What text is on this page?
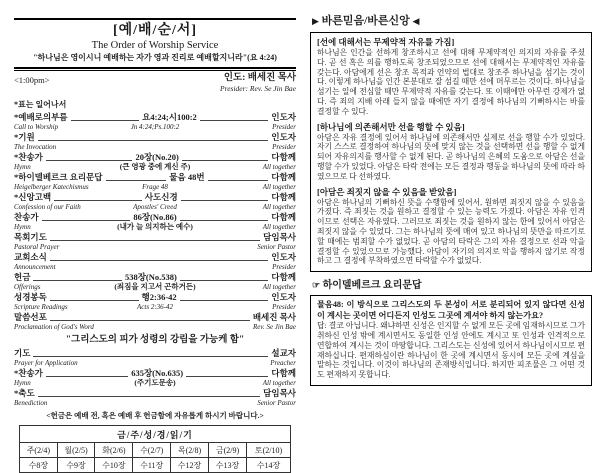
[예/배/순/서]
The Order of Worship Service
"하나님은 영이시니 예배하는 자가 영과 진리로 예배할지니라"(요 4:24)
<1:00pm>	인도: 배세진 목사
Presider: Rev. Se Jin Bae
*표는 일어나서
*예배로의부름	요4:24;시100:2	인도자
Call to Worship	Jn 4:24;Ps.100:2	Presider
*기원	인도자
The Invocation	Presider
*찬송가	20장(No.20)	다함께
Hymn	(큰 영광 중에 계신 주)	All together
*하이델베르크 요리문답	물음 48번	다함께
Heigelberger Katechismus	Frage 48	All together
*신앙고백	사도신경	다함께
Confession of our Faith	Apostles' Creed	All together
찬송가	86장(No.86)	다함께
Hymn	(내가 늘 의지하는 예수)	All together
목회기도	담임목사
Pastoral Prayer	Senior Pastor
교회소식	인도자
Announcement	Presider
헌금	538장(No.538)	다함께
Offerings	(죄짐을 지고서 곤하거든)	All together
성경봉독	행2:36-42	인도자
Scripture Readings	Acts 2:36-42	Presider
말씀선포	배세진 목사
Proclamation of God's Word	Rev. Se Jin Bae
"그리스도의 피가 성령의 강림을 가능케 함"
기도	설교자
Prayer for Application	Preacher
*찬송가	635장(No.635)	다함께
Hymn	(주기도문송)	All together
*축도	담임목사
Benediction	Senior Pastor
<헌금은 예배 전, 혹은 예배 후 헌금함에 자유롭게 하시기 바랍니다.>
금/주/성/경/읽/기						
주(2/4)	월(2/5)	화(2/6)	수(2/7)	목(2/8)	금(2/9)	토(2/10)
수8장	수9장	수10장	수11장	수12장	수13장	수14장
▶ 바른믿음/바른신앙 ◀
[선에 대해서는 무제약적 자유를 가짐]
하나님은 인간을 선하게 창조하시고 선에 대해 무제약적인 의지의 자유를 주셨다. 곧 선 혹은 의를 행하도록 창조되었으므로 선에 대해서는 무제약적인 자유를 갖는다. 아담에게 선은 창조 목적과 언약의 법대로 창조주 하나님을 섬기는 것이다. 이렇게 하나님을 인간 본분대로 잘 섬길 때만 선에 머무르는 것이다. 하나님을 섬기는 일에 전심할 때만 무제약적 자유를 갖는다. 또 이때에만 아무런 강제가 없다. 즉 죄의 지배 아래 들지 않을 때에만 자기 결정에 하나님의 기뻐하시는 바를 결정할 수 있다.
[하나님에 의존해서만 선을 행할 수 있음]
아담은 자유 결정에 있어서 하나님에 의존해서만 실제로 선을 행할 수가 있었다. 자기 스스로 결정하여 하나님의 뜻에 맞지 않는 것을 선택하면 선을 행할 수 없게 되어 자유의지를 행사할 수 없게 된다. 곧 하나님의 은혜의 도움으로 아담은 선을 행할 수가 있었다. 아담은 타락 전에는 모든 결정과 행동을 하나님의 뜻에 따라 하였으므로 다 선하였다.
[아담은 죄짓지 않을 수 있음을 받았음]
아담은 하나님의 기뻐하신 뜻을 수행함에 있어서, 원하면 죄짓지 않을 수 있음을 가졌다. 즉 죄짓는 것을 원하고 결정할 수 있는 능력도 가졌다. 아담은 자유 인격이므로 선택은 자유였다. 그러므로 죄짓는 것을 원하지 않는 한에 있어서 아담은 죄짓지 않을 수 있었다. 그는 하나님의 뜻에 매여 있고 하나님의 뜻만을 따르기로 할 때에는 범죄할 수가 없었다. 곧 아담의 타락은 그의 자유 결정으로 선과 악을 결정할 수 있었으므로 가능했다. 아담이 자기의 의지로 악을 행하지 않기로 작정하고 그 결정에 부착하였으면 타락할 수가 없었다.
☞ 하이델베르크 요리문답
물음48: 이 방식으로 그리스도의 두 본성이 서로 분리되어 있지 않다면 신성이 계시는 곳이면 어디든지 인성도 그곳에 계셔야 하지 않는가요?
답: 결코 아닙니다. 왜냐하면 신성은 인지할 수 없게 모든 곳에 임재하시므로 그가 취하신 인성 밖에 계시면서도 동일한 인성 안에도 계시고 또 인성과 인격적으로 연합하여 계시는 것이 마땅합니다. 그리스도는 신성에 있어서 하나님이시므로 편재하십니다. 편재하심이란 하나님이 한 곳에 계시면서 동시에 모든 곳에 계심을 말하는 것입니다. 이것이 하나님의 존재방식입니다. 하지만 피조물은 그 어떤 것도 편재하지 못합니다.
